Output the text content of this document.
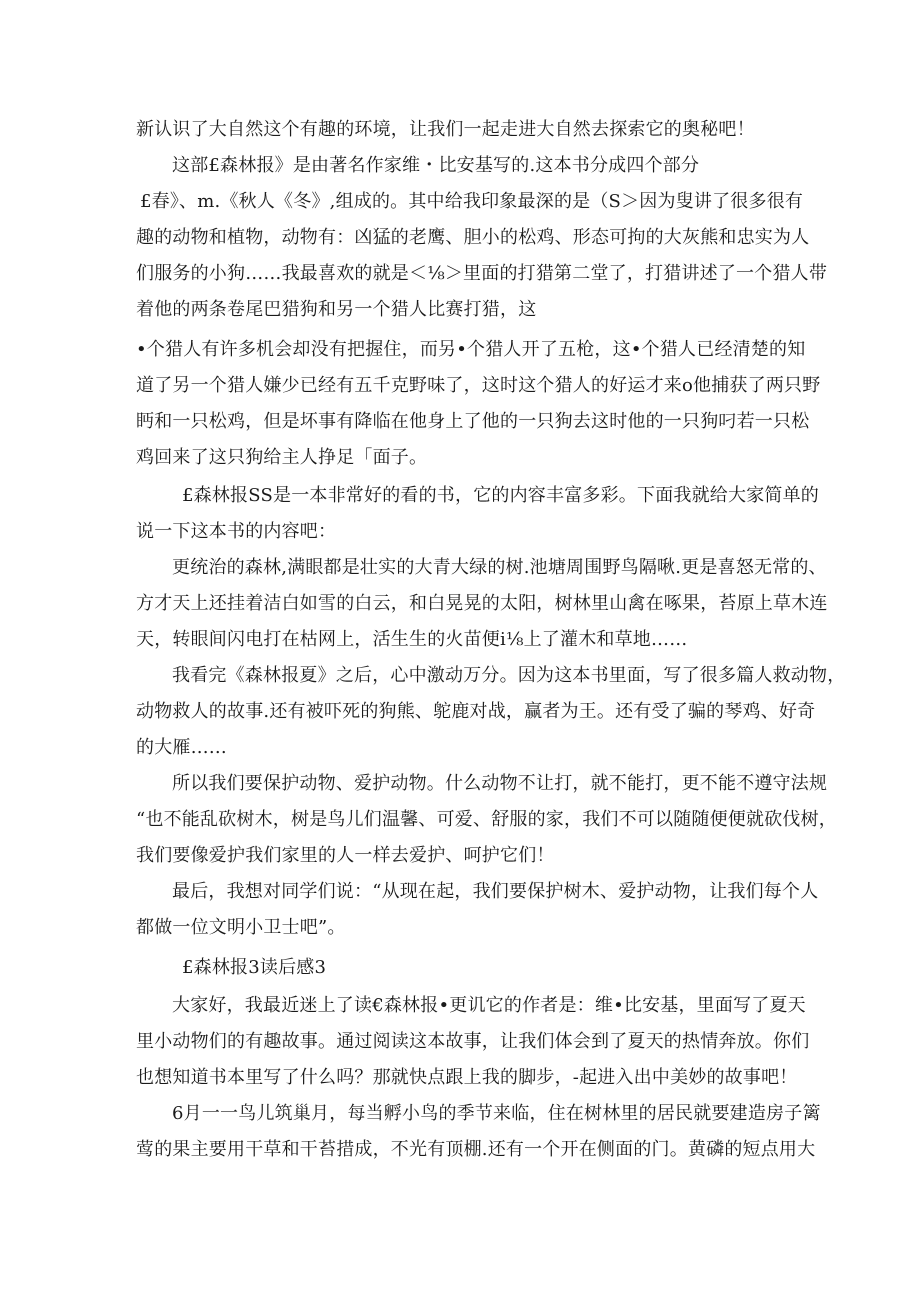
新认识了大自然这个有趣的环境，让我们一起走进大自然去探索它的奥秘吧！
这部£森林报》是由著名作家维・比安基写的.这本书分成四个部分
£春》、m.《秋人《冬》,组成的。其中给我印象最深的是（S＞因为叟讲了很多很有
趣的动物和植物，动物有：凶猛的老鹰、胆小的松鸡、形态可拘的大灰熊和忠实为人
们服务的小狗……我最喜欢的就是＜⅛＞里面的打猎第二堂了，打猎讲述了一个猎人带
着他的两条卷尾巴猎狗和另一个猎人比赛打猎，这
•个猎人有许多机会却没有把握住，而另•个猎人开了五枪，这•个猎人已经清楚的知
道了另一个猎人嫌少已经有五千克野味了，这时这个猎人的好运才来o他捕获了两只野
眄和一只松鸡，但是坏事有降临在他身上了他的一只狗去这时他的一只狗叼若一只松
鸡回来了这只狗给主人挣足「面子。
£森林报SS是一本非常好的看的书，它的内容丰富多彩。下面我就给大家简单的
说一下这本书的内容吧：
更统治的森林,满眼都是壮实的大青大绿的树.池塘周围野鸟隔啾.更是喜怒无常的、
方才天上还挂着洁白如雪的白云，和白晃晃的太阳，树林里山禽在啄果，苔原上草木连
天，转眼间闪电打在枯网上，活生生的火苗便i⅛上了灌木和草地……
我看完《森林报夏》之后，心中激动万分。因为这本书里面，写了很多篇人救动物，
动物救人的故事.还有被吓死的狗熊、鸵鹿对战，赢者为王。还有受了骗的琴鸡、好奇
的大雁……
所以我们要保护动物、爱护动物。什么动物不让打，就不能打，更不能不遵守法规
“也不能乱砍树木，树是鸟儿们温馨、可爱、舒服的家，我们不可以随随便便就砍伐树，
我们要像爱护我们家里的人一样去爱护、呵护它们！
最后，我想对同学们说：“从现在起，我们要保护树木、爱护动物，让我们每个人
都做一位文明小卫士吧”。
£森林报3读后感3
大家好，我最近迷上了读€森林报•更讥它的作者是：维•比安基，里面写了夏天
里小动物们的有趣故事。通过阅读这本故事，让我们体会到了夏天的热情奔放。你们
也想知道书本里写了什么吗？那就快点跟上我的脚步，-起进入出中美妙的故事吧！
6月一一鸟儿筑巢月，每当孵小鸟的季节来临，住在树林里的居民就要建造房子篱
莺的果主要用干草和干苔措成，不光有顶棚.还有一个开在侧面的门。黄磷的短点用大
